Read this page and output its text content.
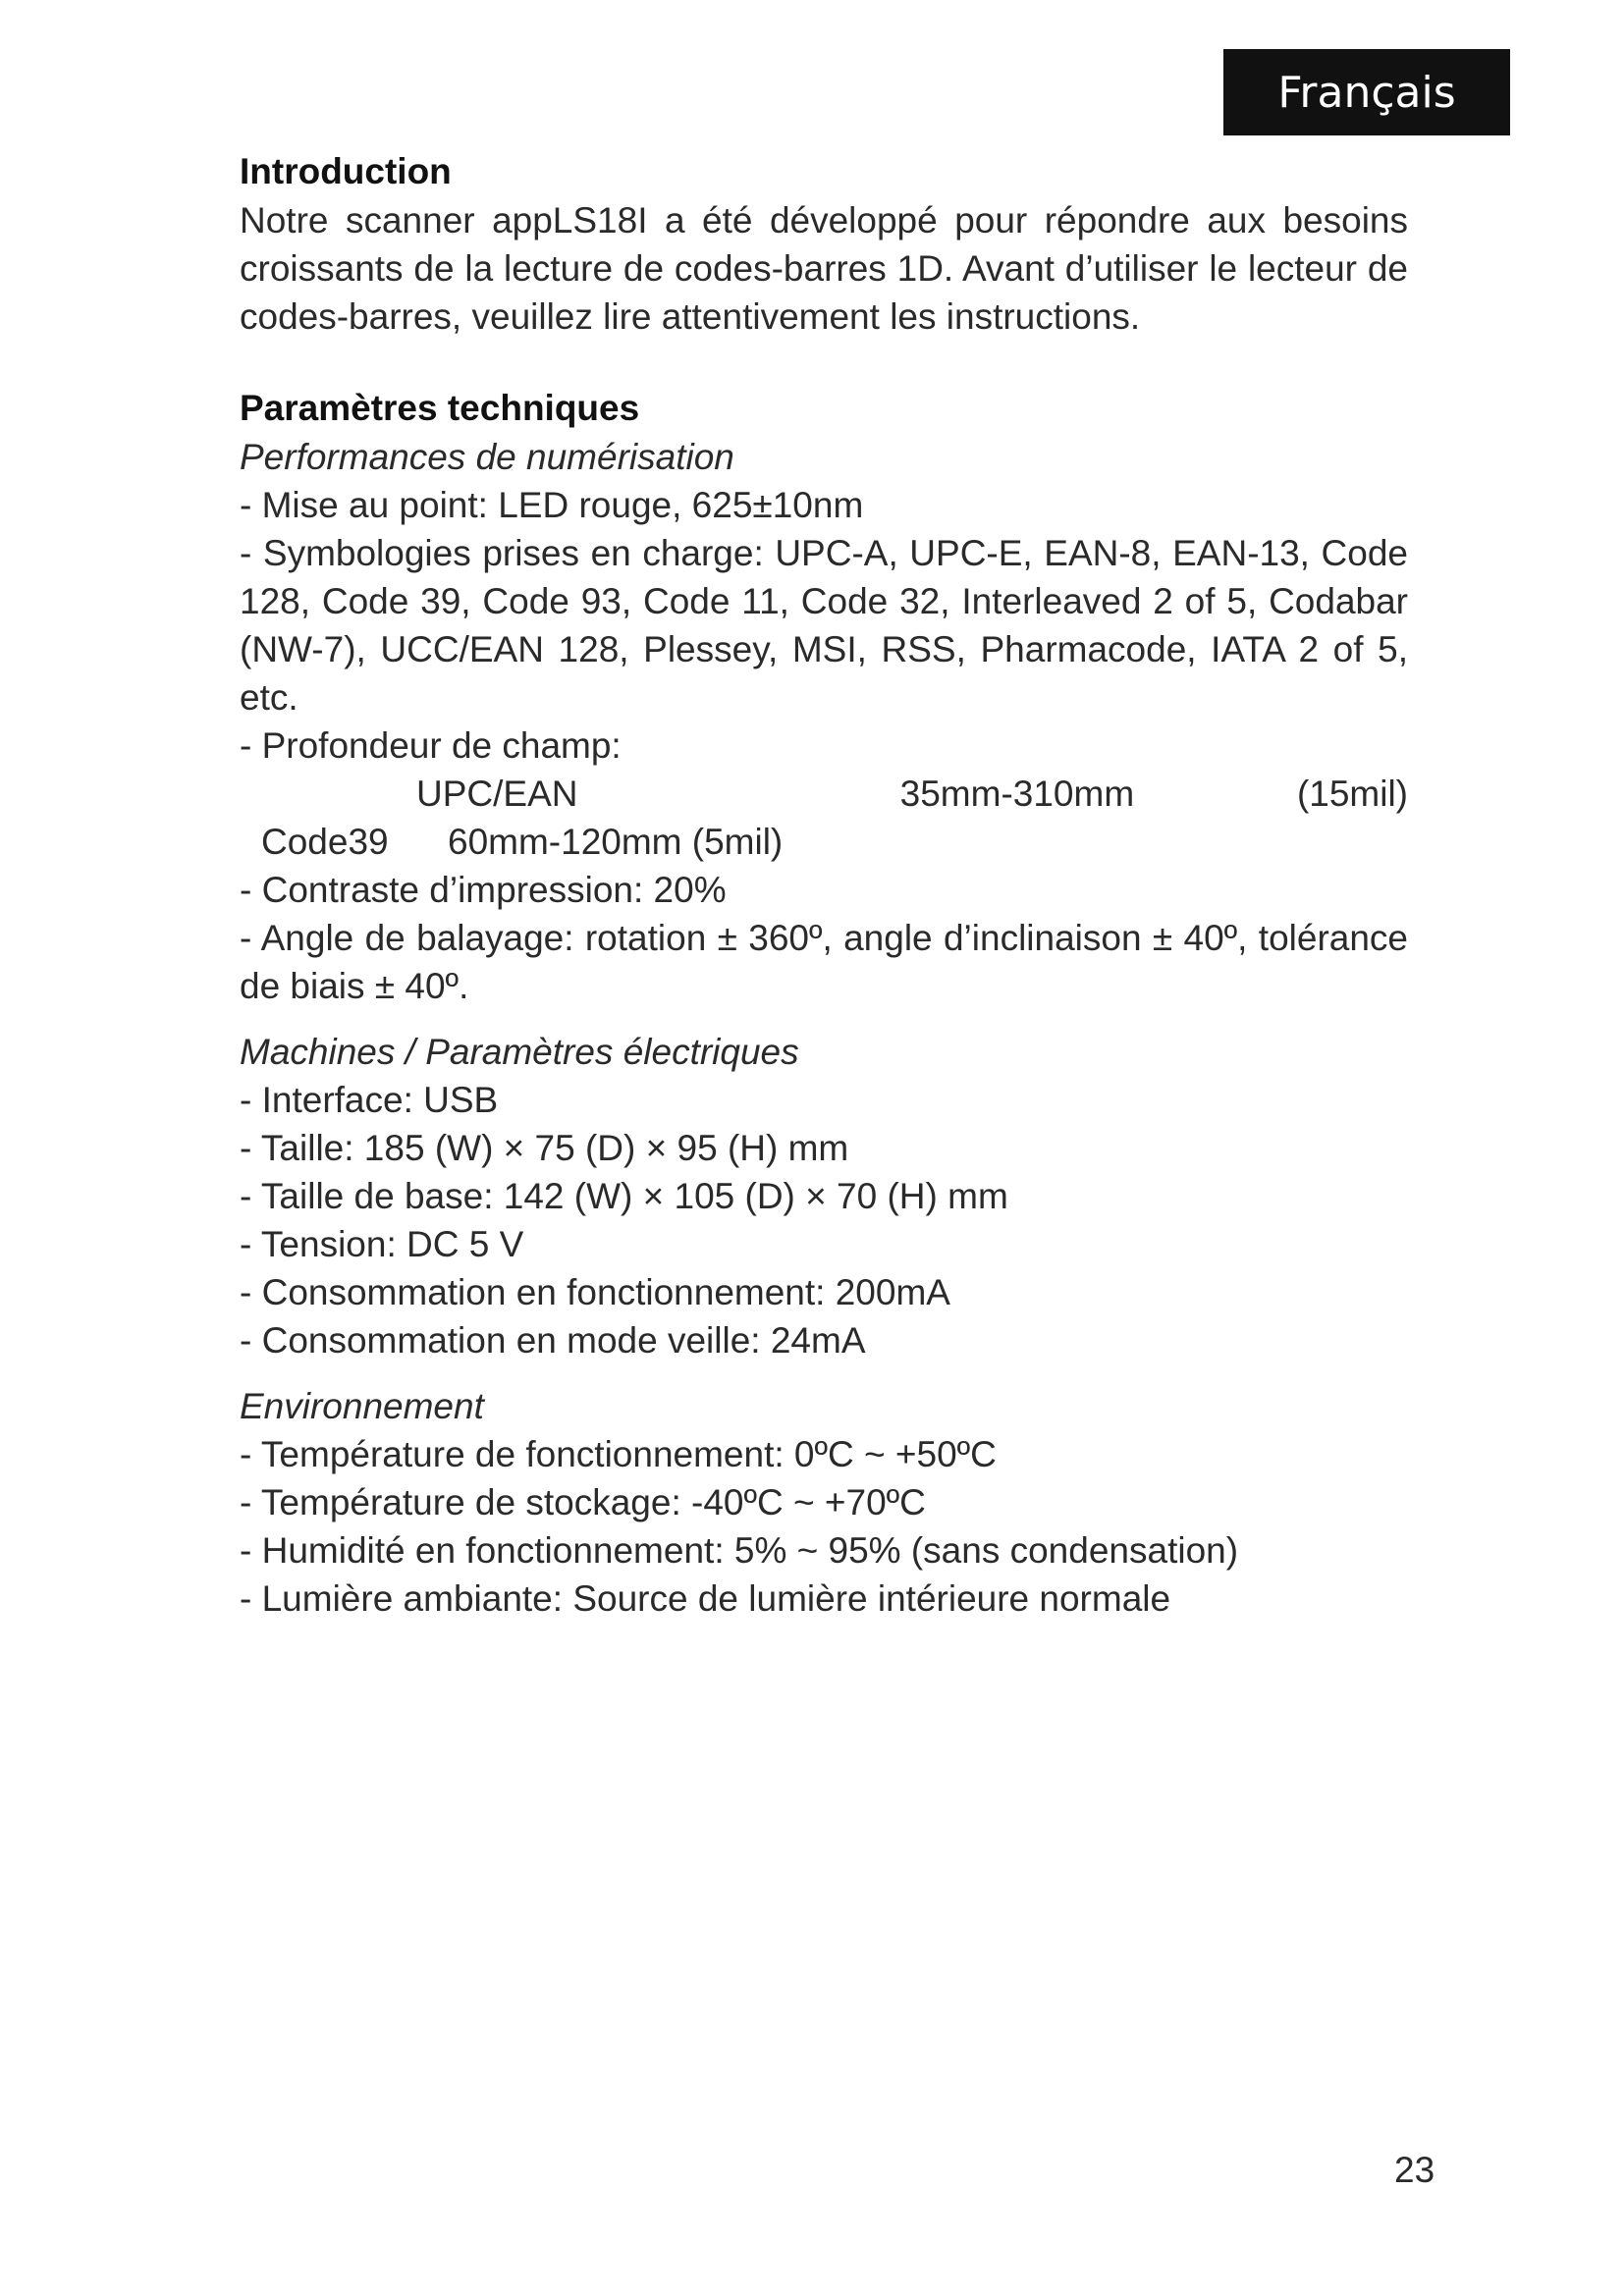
Français
Introduction
Notre scanner appLS18I a été développé pour répondre aux besoins croissants de la lecture de codes-barres 1D. Avant d’utiliser le lecteur de codes-barres, veuillez lire attentivement les instructions.
Paramètres techniques
Performances de numérisation
- Mise au point: LED rouge, 625±10nm
- Symbologies prises en charge: UPC-A, UPC-E, EAN-8, EAN-13, Code 128, Code 39, Code 93, Code 11, Code 32, Interleaved 2 of 5, Codabar (NW-7), UCC/EAN 128, Plessey, MSI, RSS, Pharmacode, IATA 2 of 5, etc.
- Profondeur de champ:
UPC/EAN	35mm-310mm	(15mil)
Code39	60mm-120mm (5mil)
- Contraste d’impression: 20%
- Angle de balayage: rotation ± 360º, angle d’inclinaison ± 40º, tolérance de biais ± 40º.
Machines / Paramètres électriques
- Interface: USB
- Taille: 185 (W) × 75 (D) × 95 (H) mm
- Taille de base: 142 (W) × 105 (D) × 70 (H) mm
- Tension: DC 5 V
- Consommation en fonctionnement: 200mA
- Consommation en mode veille: 24mA
Environnement
- Température de fonctionnement: 0ºC ~ +50ºC
- Température de stockage: -40ºC ~ +70ºC
- Humidité en fonctionnement: 5% ~ 95% (sans condensation)
- Lumière ambiante: Source de lumière intérieure normale
23
